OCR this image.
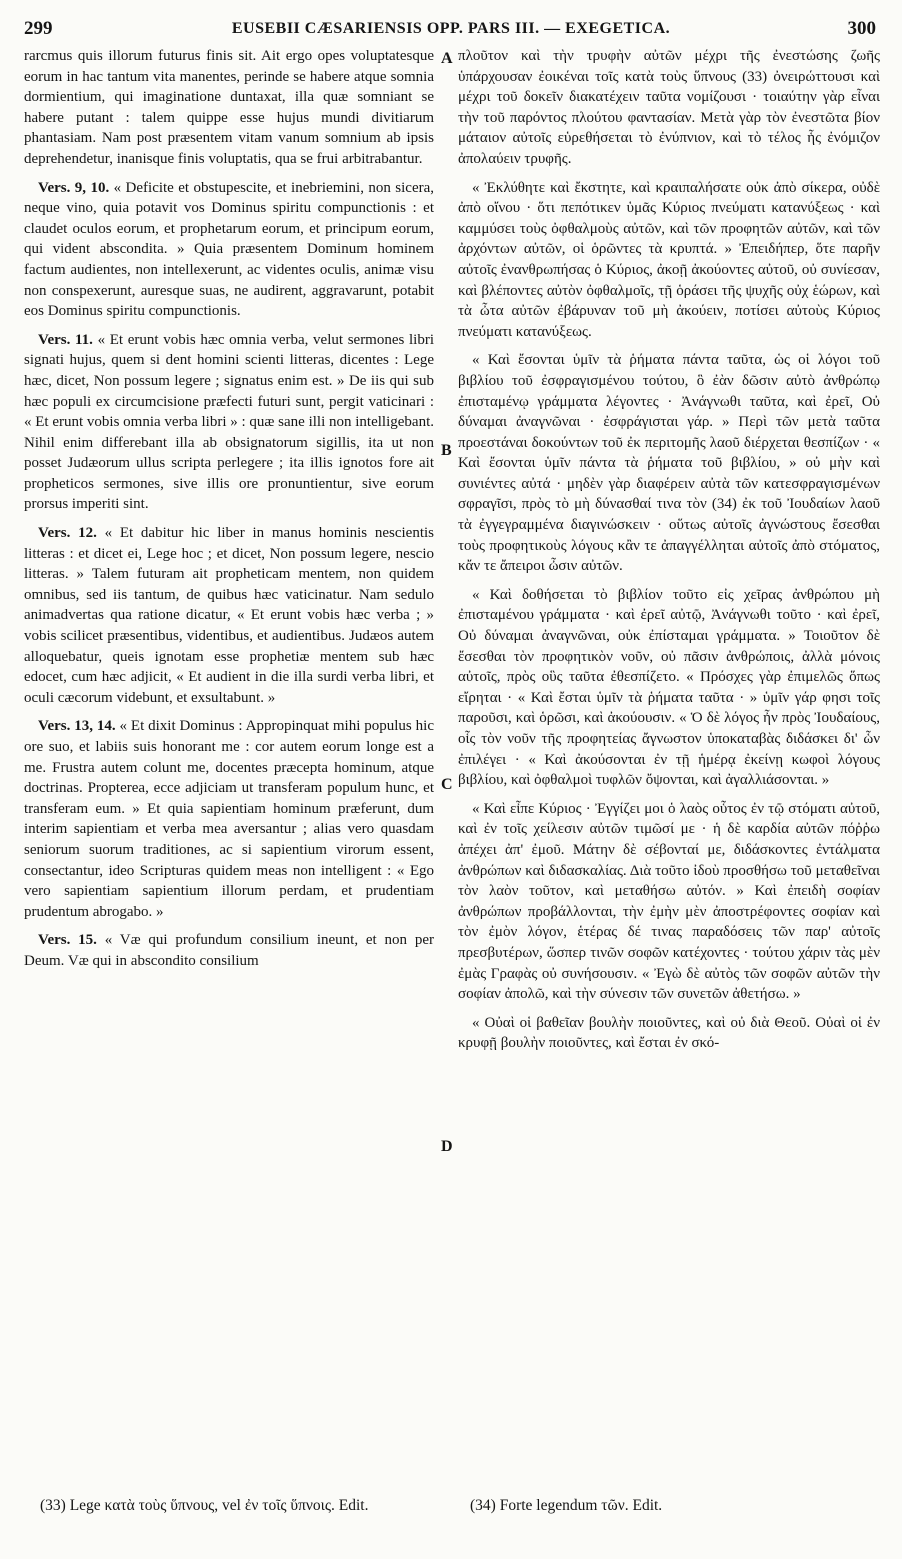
299	EUSEBII CÆSARIENSIS OPP. PARS III. — EXEGETICA.	300

rarcmus quis illorum futurus finis sit. Ait ergo opes voluptatesque eorum in hac tantum vita manentes, perinde se habere atque somnia dormientium, qui imaginatione duntaxat, illa quæ somniant se habere putant : talem quippe esse hujus mundi divitiarum phantasiam. Nam post præsentem vitam vanum somnium ab ipsis deprehendetur, inanisque finis voluptatis, qua se frui arbitrabantur.

Vers. 9, 10. « Deficite et obstupescite, et inebriemini, non sicera, neque vino, quia potavit vos Dominus spiritu compunctionis : et claudet oculos eorum, et prophetarum eorum, et principum eorum, qui vident abscondita. » Quia præsentem Dominum hominem factum audientes, non intellexerunt, ac videntes oculis, animæ visu non conspexerunt, auresque suas, ne audirent, aggravarunt, potabit eos Dominus spiritu compunctionis.

Vers. 11. « Et erunt vobis hæc omnia verba, velut sermones libri signati hujus, quem si dent homini scienti litteras, dicentes : Lege hæc, dicet, Non possum legere ; signatus enim est. » De iis qui sub hæc populi ex circumcisione præfecti futuri sunt, pergit vaticinari : « Et erunt vobis omnia verba libri » : quæ sane illi non intelligebant. Nihil enim differebant illa ab obsignatorum sigillis, ita ut non posset Judæorum ullus scripta perlegere ; ita illis ignotos fore ait propheticos sermones, sive illis ore pronuntientur, sive eorum prorsus imperiti sint.

Vers. 12. « Et dabitur hic liber in manus hominis nescientis litteras : et dicet ei, Lege hoc ; et dicet, Non possum legere, nescio litteras. » Talem futuram ait propheticam mentem, non quidem omnibus, sed iis tantum, de quibus hæc vaticinatur. Nam sedulo animadvertas qua ratione dicatur, « Et erunt vobis hæc verba ; » vobis scilicet præsentibus, videntibus, et audientibus. Judæos autem alloquebatur, queis ignotam esse prophetiæ mentem sub hæc edocet, cum hæc adjicit, « Et audient in die illa surdi verba libri, et oculi cæcorum videbunt, et exsultabunt. »

Vers. 13, 14. « Et dixit Dominus : Appropinquat mihi populus hic ore suo, et labiis suis honorant me : cor autem eorum longe est a me. Frustra autem colunt me, docentes præcepta hominum, atque doctrinas. Propterea, ecce adjiciam ut transferam populum hunc, et transferam eum. » Et quia sapientiam hominum præferunt, dum interim sapientiam et verba mea aversantur ; alias vero quasdam seniorum suorum traditiones, ac si sapientium virorum essent, consectantur, ideo Scripturas quidem meas non intelligent : « Ego vero sapientiam sapientium illorum perdam, et prudentiam prudentum abrogabo. »

Vers. 15. « Væ qui profundum consilium ineunt, et non per Deum. Væ qui in abscondito consilium

A
B
C
D

πλοῦτον καὶ τὴν τρυφὴν αὐτῶν μέχρι τῆς ἐνεστώσης ζωῆς ὑπάρχουσαν ἐοικέναι τοῖς κατὰ τοὺς ὕπνους (33) ὀνειρώττουσι καὶ μέχρι τοῦ δοκεῖν διακατέχειν ταῦτα νομίζουσι · τοιαύτην γὰρ εἶναι τὴν τοῦ παρόντος πλούτου φαντασίαν. Μετὰ γὰρ τὸν ἐνεστῶτα βίον μάταιον αὐτοῖς εὑρεθήσεται τὸ ἐνύπνιον, καὶ τὸ τέλος ἧς ἐνόμιζον ἀπολαύειν τρυφῆς.

« Ἐκλύθητε καὶ ἔκστητε, καὶ κραιπαλήσατε οὐκ ἀπὸ σίκερα, οὐδὲ ἀπὸ οἴνου · ὅτι πεπότικεν ὑμᾶς Κύριος πνεύματι κατανύξεως · καὶ καμμύσει τοὺς ὀφθαλμοὺς αὐτῶν, καὶ τῶν προφητῶν αὐτῶν, καὶ τῶν ἀρχόντων αὐτῶν, οἱ ὁρῶντες τὰ κρυπτά. » Ἐπειδήπερ, ὅτε παρῆν αὐτοῖς ἐνανθρωπήσας ὁ Κύριος, ἀκοῇ ἀκούοντες αὐτοῦ, οὐ συνίεσαν, καὶ βλέποντες αὐτὸν ὀφθαλμοῖς, τῇ ὁράσει τῆς ψυχῆς οὐχ ἑώρων, καὶ τὰ ὦτα αὐτῶν ἐβάρυναν τοῦ μὴ ἀκούειν, ποτίσει αὐτοὺς Κύριος πνεύματι κατανύξεως.

« Καὶ ἔσονται ὑμῖν τὰ ῥήματα πάντα ταῦτα, ὡς οἱ λόγοι τοῦ βιβλίου τοῦ ἐσφραγισμένου τούτου, ὃ ἐὰν δῶσιν αὐτὸ ἀνθρώπῳ ἐπισταμένῳ γράμματα λέγοντες · Ἀνάγνωθι ταῦτα, καὶ ἐρεῖ, Οὐ δύναμαι ἀναγνῶναι · ἐσφράγισται γάρ. » Περὶ τῶν μετὰ ταῦτα προεστάναι δοκούντων τοῦ ἐκ περιτομῆς λαοῦ διέρχεται θεσπίζων · « Καὶ ἔσονται ὑμῖν πάντα τὰ ῥήματα τοῦ βιβλίου, » οὐ μὴν καὶ συνιέντες αὐτά · μηδὲν γὰρ διαφέρειν αὐτὰ τῶν κατεσφραγισμένων σφραγῖσι, πρὸς τὸ μὴ δύνασθαί τινα τὸν (34) ἐκ τοῦ Ἰουδαίων λαοῦ τὰ ἐγγεγραμμένα διαγινώσκειν · οὕτως αὐτοῖς ἀγνώστους ἔσεσθαι τοὺς προφητικοὺς λόγους κἂν τε ἀπαγγέλληται αὐτοῖς ἀπὸ στόματος, κἄν τε ἄπειροι ὦσιν αὐτῶν.

« Καὶ δοθήσεται τὸ βιβλίον τοῦτο εἰς χεῖρας ἀνθρώπου μὴ ἐπισταμένου γράμματα · καὶ ἐρεῖ αὐτῷ, Ἀνάγνωθι τοῦτο · καὶ ἐρεῖ, Οὐ δύναμαι ἀναγνῶναι, οὐκ ἐπίσταμαι γράμματα. » Τοιοῦτον δὲ ἔσεσθαι τὸν προφητικὸν νοῦν, οὐ πᾶσιν ἀνθρώποις, ἀλλὰ μόνοις αὐτοῖς, πρὸς οὓς ταῦτα ἐθεσπίζετο. « Πρόσχες γὰρ ἐπιμελῶς ὅπως εἴρηται · « Καὶ ἔσται ὑμῖν τὰ ῥήματα ταῦτα · » ὑμῖν γάρ φησι τοῖς παροῦσι, καὶ ὁρῶσι, καὶ ἀκούουσιν. « Ὁ δὲ λόγος ἦν πρὸς Ἰουδαίους, οἷς τὸν νοῦν τῆς προφητείας ἄγνωστον ὑποκαταβὰς διδάσκει δι' ὧν ἐπιλέγει · « Καὶ ἀκούσονται ἐν τῇ ἡμέρᾳ ἐκείνῃ κωφοὶ λόγους βιβλίου, καὶ ὀφθαλμοὶ τυφλῶν ὄψονται, καὶ ἀγαλλιάσονται. »

« Καὶ εἶπε Κύριος · Ἐγγίζει μοι ὁ λαὸς οὗτος ἐν τῷ στόματι αὐτοῦ, καὶ ἐν τοῖς χείλεσιν αὐτῶν τιμῶσί με · ἡ δὲ καρδία αὐτῶν πόῤῥω ἀπέχει ἀπ' ἐμοῦ. Μάτην δὲ σέβονταί με, διδάσκοντες ἐντάλματα ἀνθρώπων καὶ διδασκαλίας. Διὰ τοῦτο ἰδοὺ προσθήσω τοῦ μεταθεῖναι τὸν λαὸν τοῦτον, καὶ μεταθήσω αὐτόν. » Καὶ ἐπειδὴ σοφίαν ἀνθρώπων προβάλλονται, τὴν ἐμὴν μὲν ἀποστρέφοντες σοφίαν καὶ τὸν ἐμὸν λόγον, ἑτέρας δέ τινας παραδόσεις τῶν παρ' αὐτοῖς πρεσβυτέρων, ὥσπερ τινῶν σοφῶν κατέχοντες · τούτου χάριν τὰς μὲν ἐμὰς Γραφὰς οὐ συνήσουσιν. « Ἐγὼ δὲ αὐτὸς τῶν σοφῶν αὐτῶν τὴν σοφίαν ἀπολῶ, καὶ τὴν σύνεσιν τῶν συνετῶν ἀθετήσω. »

« Οὐαὶ οἱ βαθεῖαν βουλὴν ποιοῦντες, καὶ οὐ διὰ Θεοῦ. Οὐαὶ οἱ ἐν κρυφῇ βουλὴν ποιοῦντες, καὶ ἔσται ἐν σκό-

(33) Lege κατὰ τοὺς ὕπνους, vel ἐν τοῖς ὕπνοις. Edit.	(34) Forte legendum τῶν. Edit.
